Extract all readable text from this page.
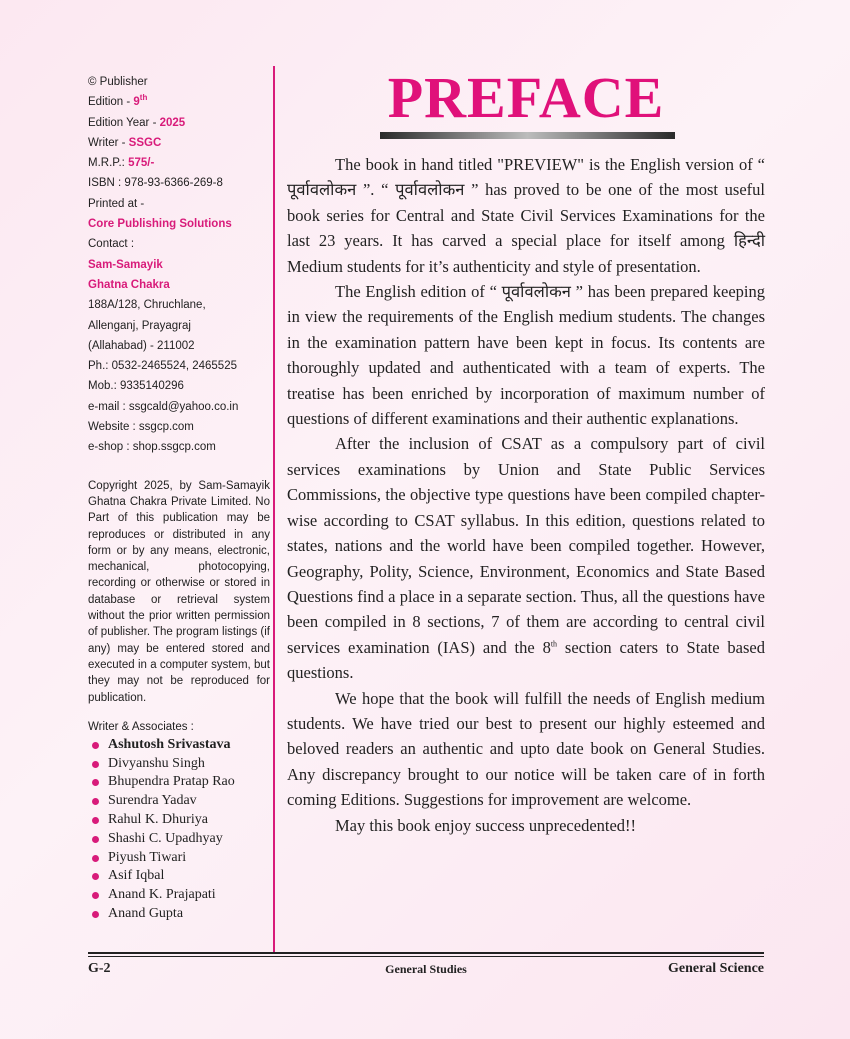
© Publisher
Edition - 9th
Edition Year - 2025
Writer - SSGC
M.R.P.: 575/-
ISBN : 978-93-6366-269-8
Printed at -
Core Publishing Solutions
Contact :
Sam-Samayik
Ghatna Chakra
188A/128, Chruchlane,
Allenganj, Prayagraj
(Allahabad) - 211002
Ph.: 0532-2465524, 2465525
Mob.: 9335140296
e-mail : ssgcald@yahoo.co.in
Website : ssgcp.com
e-shop : shop.ssgcp.com
Copyright 2025, by Sam-Samayik Ghatna Chakra Private Limited. No Part of this publication may be reproduces or distributed in any form or by any means, electronic, mechanical, photocopying, recording or otherwise or stored in database or retrieval system without the prior written permission of publisher. The program listings (if any) may be entered stored and executed in a computer system, but they may not be reproduced for publication.
Writer & Associates :
Ashutosh Srivastava
Divyanshu Singh
Bhupendra Pratap Rao
Surendra Yadav
Rahul K. Dhuriya
Shashi C. Upadhyay
Piyush Tiwari
Asif Iqbal
Anand K. Prajapati
Anand Gupta
PREFACE

The book in hand titled "PREVIEW" is the English version of “ पूर्वावलोकन ”. “ पूर्वावलोकन ” has proved to be one of the most useful book series for Central and State Civil Services Examinations for the last 23 years. It has carved a special place for itself among हिन्दी Medium students for it’s authenticity and style of presentation.

The English edition of “ पूर्वावलोकन ” has been prepared keeping in view the requirements of the English medium students. The changes in the examination pattern have been kept in focus. Its contents are thoroughly updated and authenticated with a team of experts. The treatise has been enriched by incorporation of maximum number of questions of different examinations and their authentic explanations.

After the inclusion of CSAT as a compulsory part of civil services examinations by Union and State Public Services Commissions, the objective type questions have been compiled chapter-wise according to CSAT syllabus. In this edition, questions related to states, nations and the world have been compiled together. However, Geography, Polity, Science, Environment, Economics and State Based Questions find a place in a separate section. Thus, all the questions have been compiled in 8 sections, 7 of them are according to central civil services examination (IAS) and the 8th section caters to State based questions.

We hope that the book will fulfill the needs of English medium students. We have tried our best to present our highly esteemed and beloved readers an authentic and upto date book on General Studies. Any discrepancy brought to our notice will be taken care of in forth coming Editions. Suggestions for improvement are welcome.

May this book enjoy success unprecedented!!

G-2	General Studies	General Science
